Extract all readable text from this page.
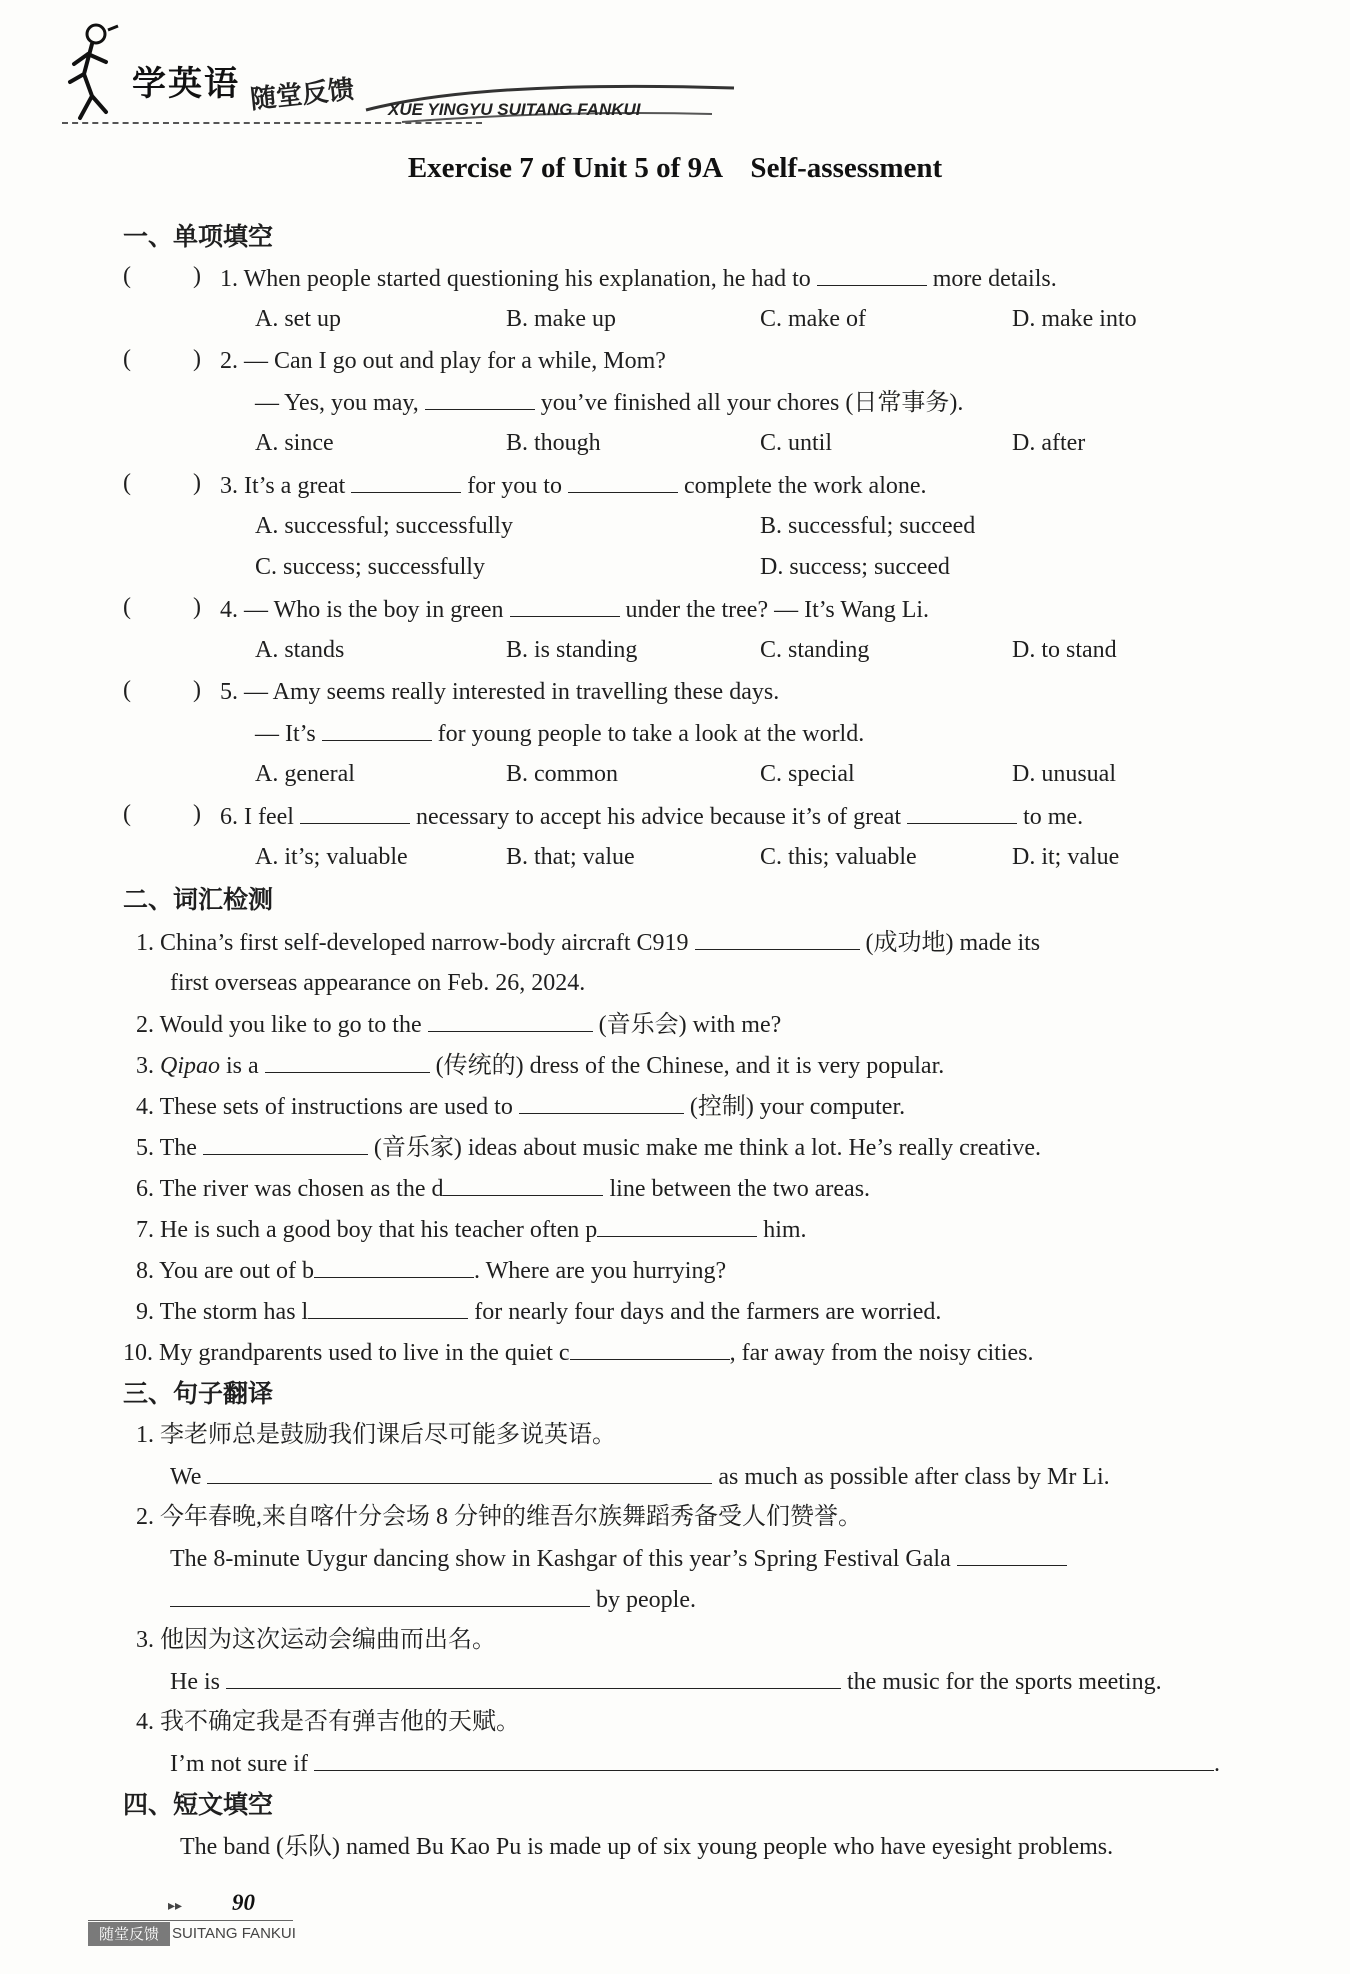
学英语 随堂反馈 XUE YINGYU SUITANG FANKUI
Exercise 7 of Unit 5 of 9A    Self-assessment
一、单项填空
(	) 1. When people started questioning his explanation, he had to	more details.
A. set up	B. make up	C. make of	D. make into
(	) 2. — Can I go out and play for a while, Mom?
— Yes, you may,	you’ve finished all your chores (日常事务).
A. since	B. though	C. until	D. after
(	) 3. It’s a great	for you to	complete the work alone.
A. successful; successfully	B. successful; succeed
C. success; successfully	D. success; succeed
(	) 4. — Who is the boy in green	under the tree? — It’s Wang Li.
A. stands	B. is standing	C. standing	D. to stand
(	) 5. — Amy seems really interested in travelling these days.
— It’s	for young people to take a look at the world.
A. general	B. common	C. special	D. unusual
(	) 6. I feel	necessary to accept his advice because it’s of great	to me.
A. it’s; valuable	B. that; value	C. this; valuable	D. it; value
二、词汇检测
1. China’s first self-developed narrow-body aircraft C919	(成功地) made its
first overseas appearance on Feb. 26, 2024.
2. Would you like to go to the	(音乐会) with me?
3. Qipao is a	(传统的) dress of the Chinese, and it is very popular.
4. These sets of instructions are used to	(控制) your computer.
5. The	(音乐家) ideas about music make me think a lot. He’s really creative.
6. The river was chosen as the d	line between the two areas.
7. He is such a good boy that his teacher often p	him.
8. You are out of b	. Where are you hurrying?
9. The storm has l	for nearly four days and the farmers are worried.
10. My grandparents used to live in the quiet c	, far away from the noisy cities.
三、句子翻译
1. 李老师总是鼓励我们课后尽可能多说英语。
We	as much as possible after class by Mr Li.
2. 今年春晚,来自喀什分会场 8 分钟的维吾尔族舞蹈秀备受人们赞誉。
The 8-minute Uygur dancing show in Kashgar of this year’s Spring Festival Gala
by people.
3. 他因为这次运动会编曲而出名。
He is	the music for the sports meeting.
4. 我不确定我是否有弹吉他的天赋。
I’m not sure if	.
四、短文填空
The band (乐队) named Bu Kao Pu is made up of six young people who have eyesight problems.
▸▸ 90
随堂反馈 SUITANG FANKUI
